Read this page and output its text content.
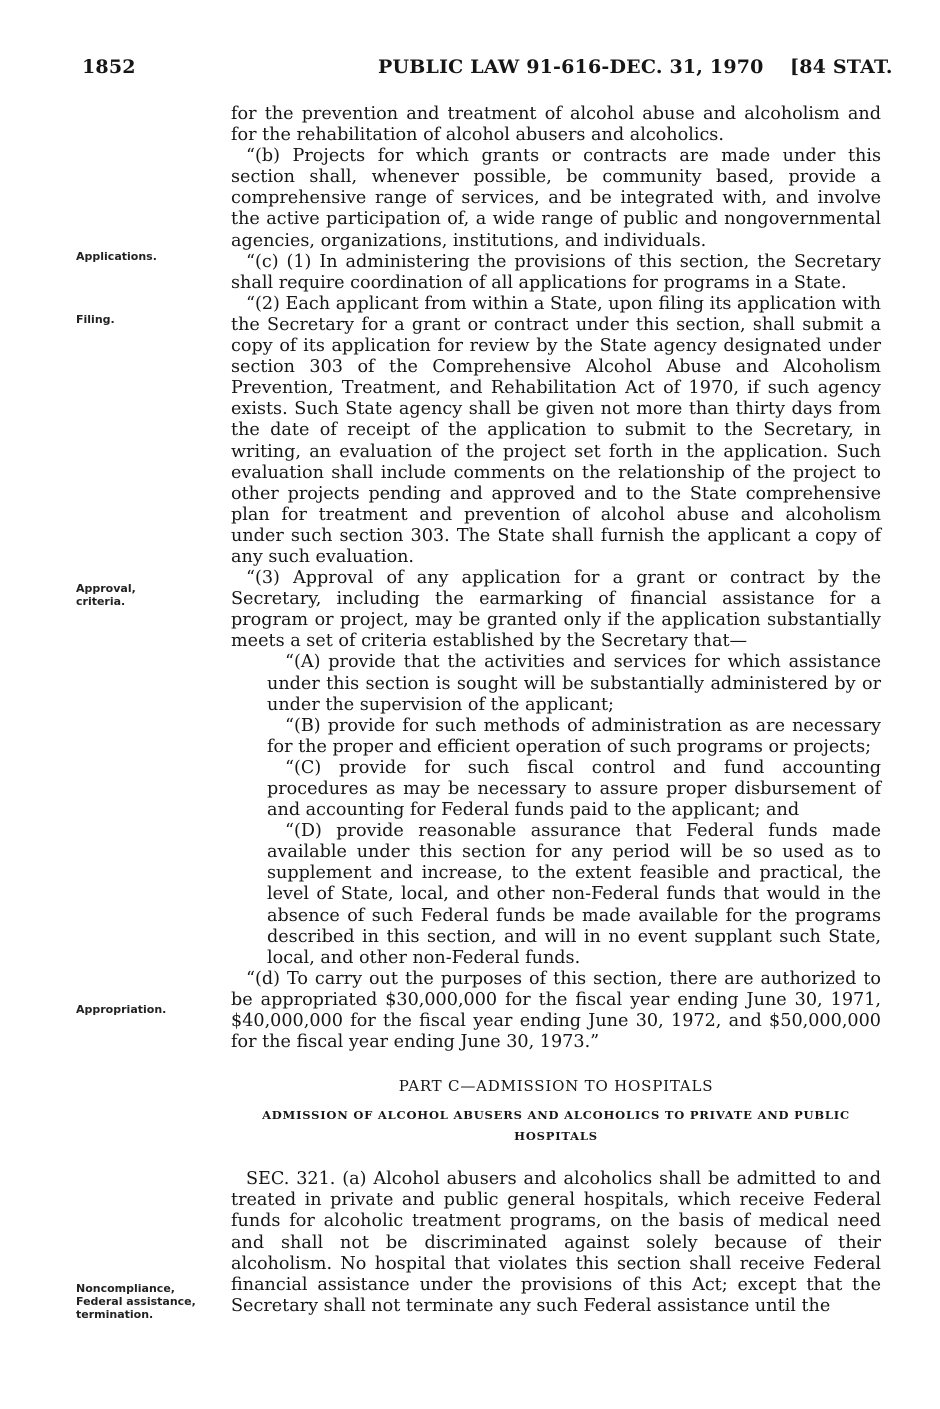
1852	PUBLIC LAW 91-616-DEC. 31, 1970 [84 STAT.
Applications.
Filing.
Approval, criteria.
Appropriation.
Noncompliance, Federal assistance, termination.

for the prevention and treatment of alcohol abuse and alcoholism and for the rehabilitation of alcohol abusers and alcoholics.

“(b) Projects for which grants or contracts are made under this section shall, whenever possible, be community based, provide a comprehensive range of services, and be integrated with, and involve the active participation of, a wide range of public and nongovernmental agencies, organizations, institutions, and individuals.

“(c) (1) In administering the provisions of this section, the Secretary shall require coordination of all applications for programs in a State.

“(2) Each applicant from within a State, upon filing its application with the Secretary for a grant or contract under this section, shall submit a copy of its application for review by the State agency designated under section 303 of the Comprehensive Alcohol Abuse and Alcoholism Prevention, Treatment, and Rehabilitation Act of 1970, if such agency exists. Such State agency shall be given not more than thirty days from the date of receipt of the application to submit to the Secretary, in writing, an evaluation of the project set forth in the application. Such evaluation shall include comments on the relationship of the project to other projects pending and approved and to the State comprehensive plan for treatment and prevention of alcohol abuse and alcoholism under such section 303. The State shall furnish the applicant a copy of any such evaluation.

“(3) Approval of any application for a grant or contract by the Secretary, including the earmarking of financial assistance for a program or project, may be granted only if the application substantially meets a set of criteria established by the Secretary that—

“(A) provide that the activities and services for which assistance under this section is sought will be substantially administered by or under the supervision of the applicant;

“(B) provide for such methods of administration as are necessary for the proper and efficient operation of such programs or projects;

“(C) provide for such fiscal control and fund accounting procedures as may be necessary to assure proper disbursement of and accounting for Federal funds paid to the applicant; and

“(D) provide reasonable assurance that Federal funds made available under this section for any period will be so used as to supplement and increase, to the extent feasible and practical, the level of State, local, and other non-Federal funds that would in the absence of such Federal funds be made available for the programs described in this section, and will in no event supplant such State, local, and other non-Federal funds.

“(d) To carry out the purposes of this section, there are authorized to be appropriated $30,000,000 for the fiscal year ending June 30, 1971, $40,000,000 for the fiscal year ending June 30, 1972, and $50,000,000 for the fiscal year ending June 30, 1973.”

PART C—ADMISSION TO HOSPITALS

ADMISSION OF ALCOHOL ABUSERS AND ALCOHOLICS TO PRIVATE AND PUBLIC HOSPITALS

SEC. 321. (a) Alcohol abusers and alcoholics shall be admitted to and treated in private and public general hospitals, which receive Federal funds for alcoholic treatment programs, on the basis of medical need and shall not be discriminated against solely because of their alcoholism. No hospital that violates this section shall receive Federal financial assistance under the provisions of this Act; except that the Secretary shall not terminate any such Federal assistance until the
